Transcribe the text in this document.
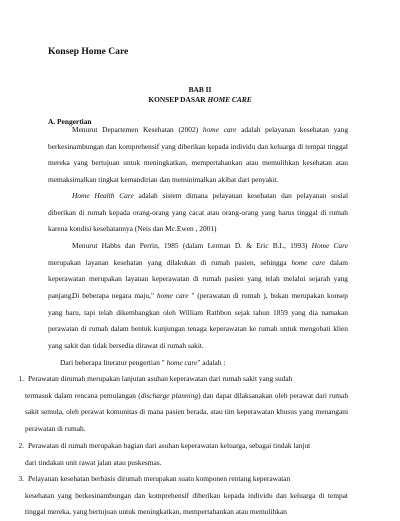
Konsep Home Care
BAB II
KONSEP DASAR HOME CARE
A. Pengertian
Menurut Departemen Kesehatan (2002) home care adalah pelayanan kesehatan yang berkesinambungan dan komprehensif yang diberikan kepada individu dan keluarga di tempat tinggal mereka yang bertujuan untuk meningkatkan, mempertahankan atau memulihkan kesehatan atau memaksimalkan tingkat kemandirian dan meminimalkan akibat dari penyakit.
Home Health Care adalah sistem dimana pelayanan kesehatan dan pelayanan sosial diberikan di rumah kepada orang-orang yang cacat atau orang-orang yang harus tinggal di rumah karena kondisi kesehatannya (Neis dan Mc.Ewen , 2001)
Menurut Habbs dan Perrin, 1985 (dalam Lerman D. & Eric B.L, 1993) Home Care merupakan layanan kesehatan yang dilakukan di rumah pasien, sehingga home care dalam keperawatan merupakan layanan keperawatan di rumah pasien yang telah melalui sejarah yang panjang.
Di beberapa negara maju," home care " (perawatan di rumah ), bukan merupakan konsep yang baru, tapi telah dikembangkan oleh William Rathbon sejak tahun 1859 yang dia namakan perawatan di rumah dalam bentuk kunjungan tenaga keperawatan ke rumah untuk mengobati klien yang sakit dan tidak bersedia dirawat di rumah sakit.
Dari beberapa literatur pengertian " home care" adalah :
1. Perawatan dirumah merupakan lanjutan asuhan keperawatan dari rumah sakit yang sudah
termasuk dalam rencana pemulangan (discharge planning) dan dapat dilaksanakan oleh perawat dari rumah sakit semula, oleh perawat komunitas di mana pasien berada, atau tim keperawatan khusus yang menangani perawatan di rumah.
2. Perawatan di rumah merupakan bagian dari asuhan keperawatan keluarga, sebagai tindak lanjut
dari tindakan unit rawat jalan atau puskesmas.
3. Pelayanan kesehatan berbasis dirumah merupakan suatu komponen rentang keperawatan
kesehatan yang berkesinambungan dan komprehensif diberikan kepada individu dan keluarga di tempat tinggal mereka, yang bertujuan untuk meningkatkan, mempertahankan atau memulihkan
